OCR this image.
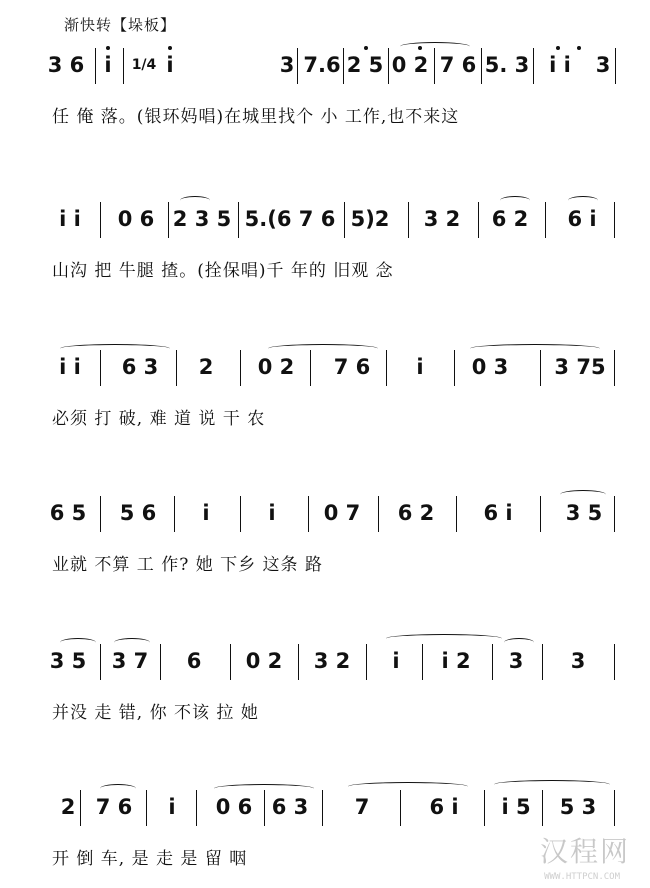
渐快转【垛板】
3 6 i 1/4 i	3 7.6 2 5 0 2 7 6 5. 3 i i 3
任 俺 落。(银环妈唱)在城里找个 小 工作,也不来这
i i 0 6 2 3 5 5.(6 7 6 5)2 3 2 6 2 6 i
山沟 把 牛腿 揸。(拴保唱)千 年的 旧观 念
i i 6 3 2 0 2 7 6 i 0 3 3 75
必须 打 破, 难 道 说 干 农
6 5 5 6 i	i 0 7 6 2 6 i	3 5
业就 不算 工 作? 她 下乡 这条 路
3 5 3 7 6 0 2 3 2 i i 2 3 3
并没 走 错, 你 不该 拉 她
2 7 6 i 0 6 6 3 7	6 i i 5 5 3
开 倒 车, 是 走 是 留 咽	汉程网
WWW.HTTPCN.COM
